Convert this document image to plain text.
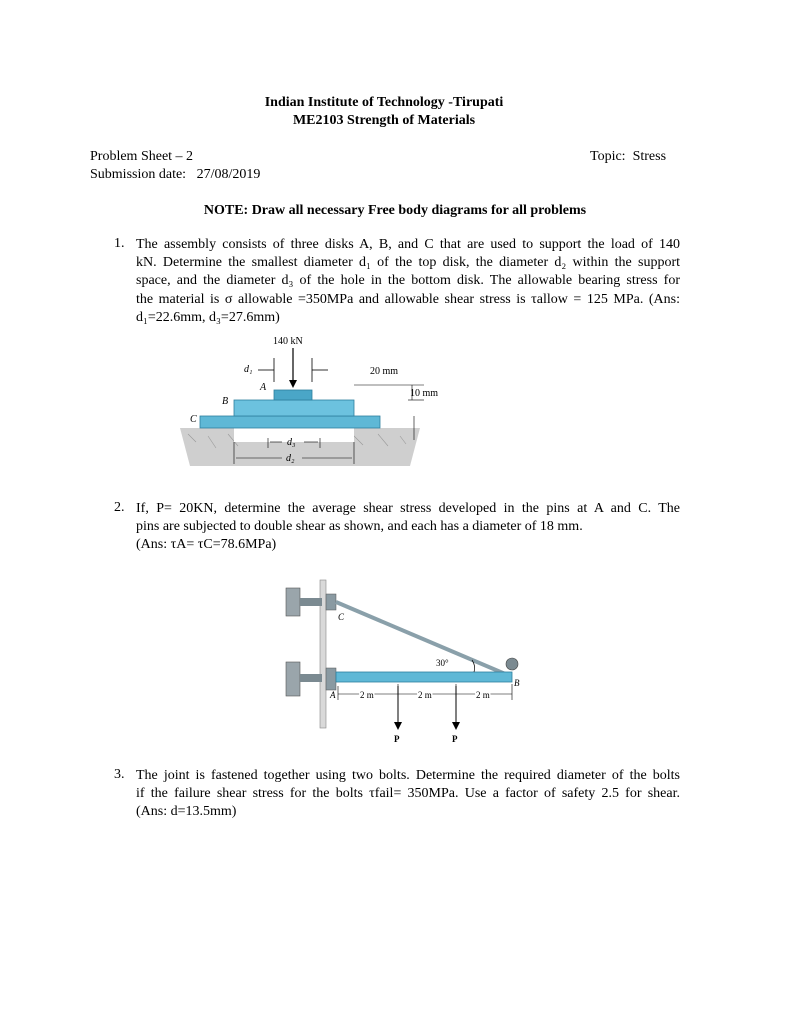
Indian Institute of Technology -Tirupati
ME2103 Strength of Materials
Problem Sheet – 2
Submission date: 27/08/2019
Topic:  Stress
NOTE: Draw all necessary Free body diagrams for all problems
1. The assembly consists of three disks A, B, and C that are used to support the load of 140
kN. Determine the smallest diameter d₁ of the top disk, the diameter d₂ within the support
space, and the diameter d₃ of the hole in the bottom disk. The allowable bearing stress for
the material is σ allowable =350MPa and allowable shear stress is τallow = 125 MPa. (Ans:
d₁=22.6mm, d₃=27.6mm)
140 kN
d₁
A
B
C
20 mm
10 mm
d₃
d₂
2. If, P= 20KN, determine the average shear stress developed in the pins at A and C. The
pins are subjected to double shear as shown, and each has a diameter of 18 mm.
(Ans: τA= τC=78.6MPa)
C
30°
B
A	2 m	2 m	2 m
P	P
3. The joint is fastened together using two bolts. Determine the required diameter of the bolts
if the failure shear stress for the bolts τfail= 350MPa. Use a factor of safety 2.5 for shear.
(Ans: d=13.5mm)
